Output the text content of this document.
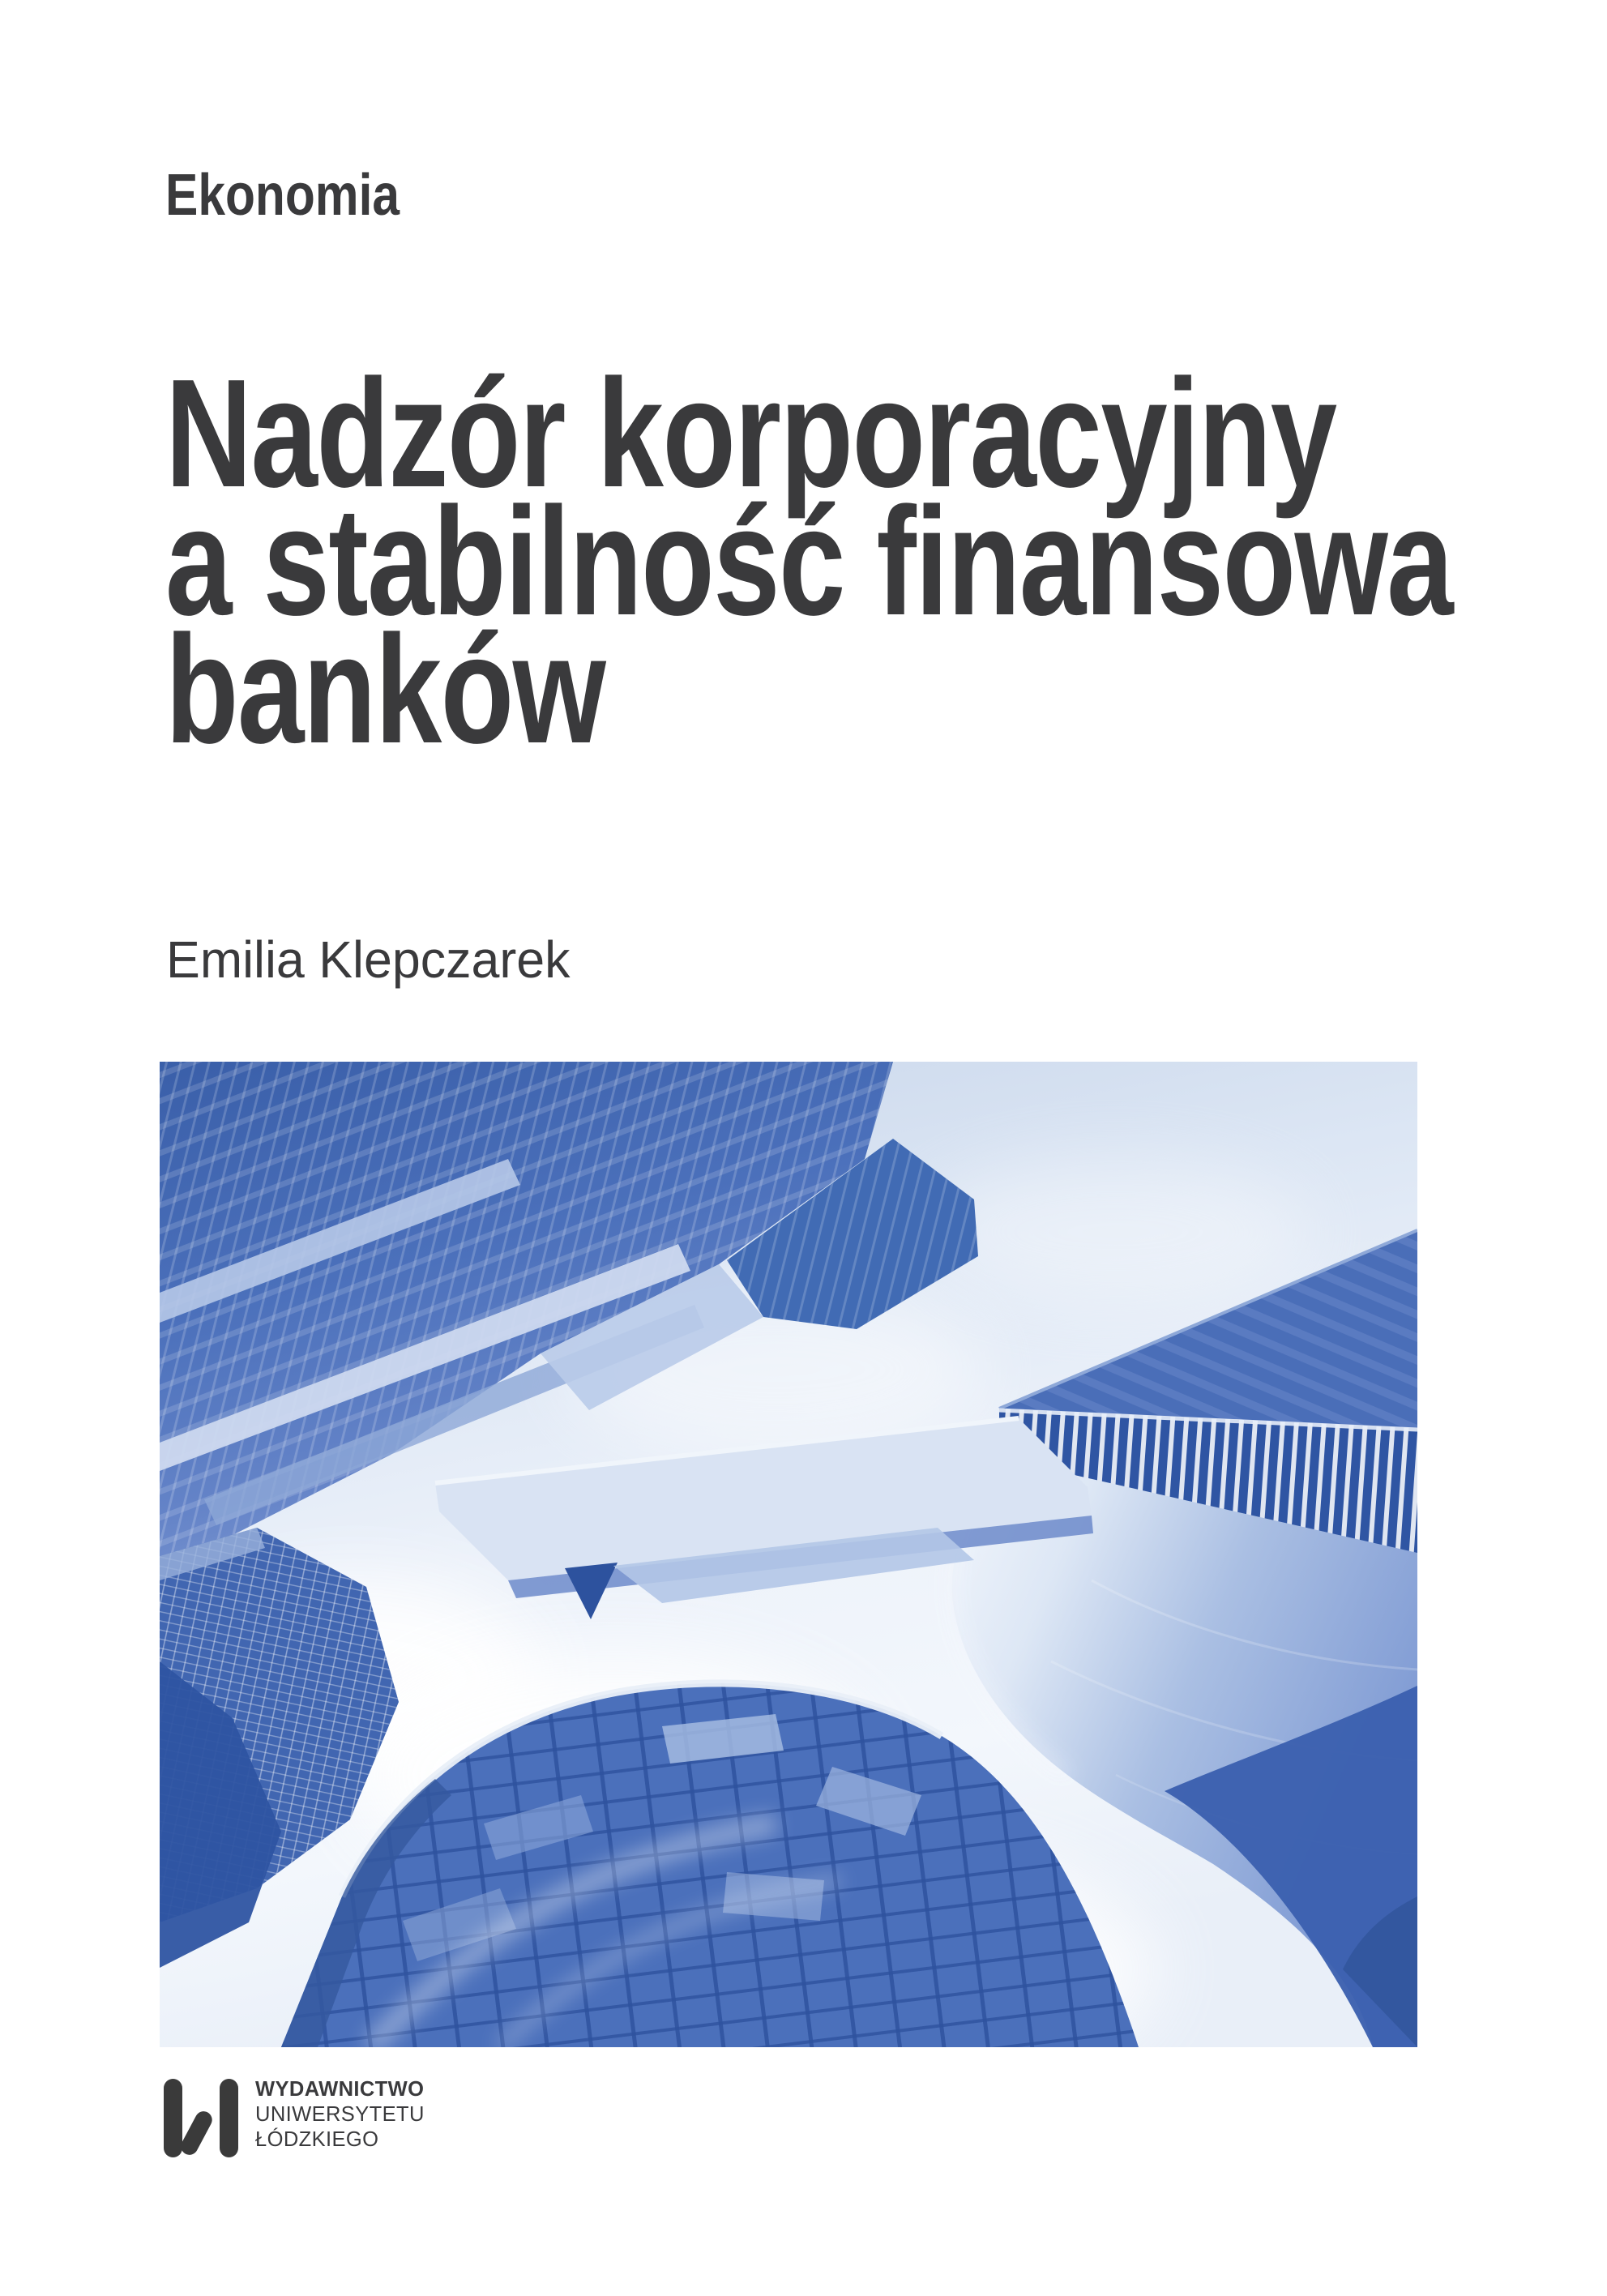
Ekonomia
Nadzór korporacyjny
a stabilność finansowa
banków
Emilia Klepczarek
WYDAWNICTWO
UNIWERSYTETU
ŁÓDZKIEGO
